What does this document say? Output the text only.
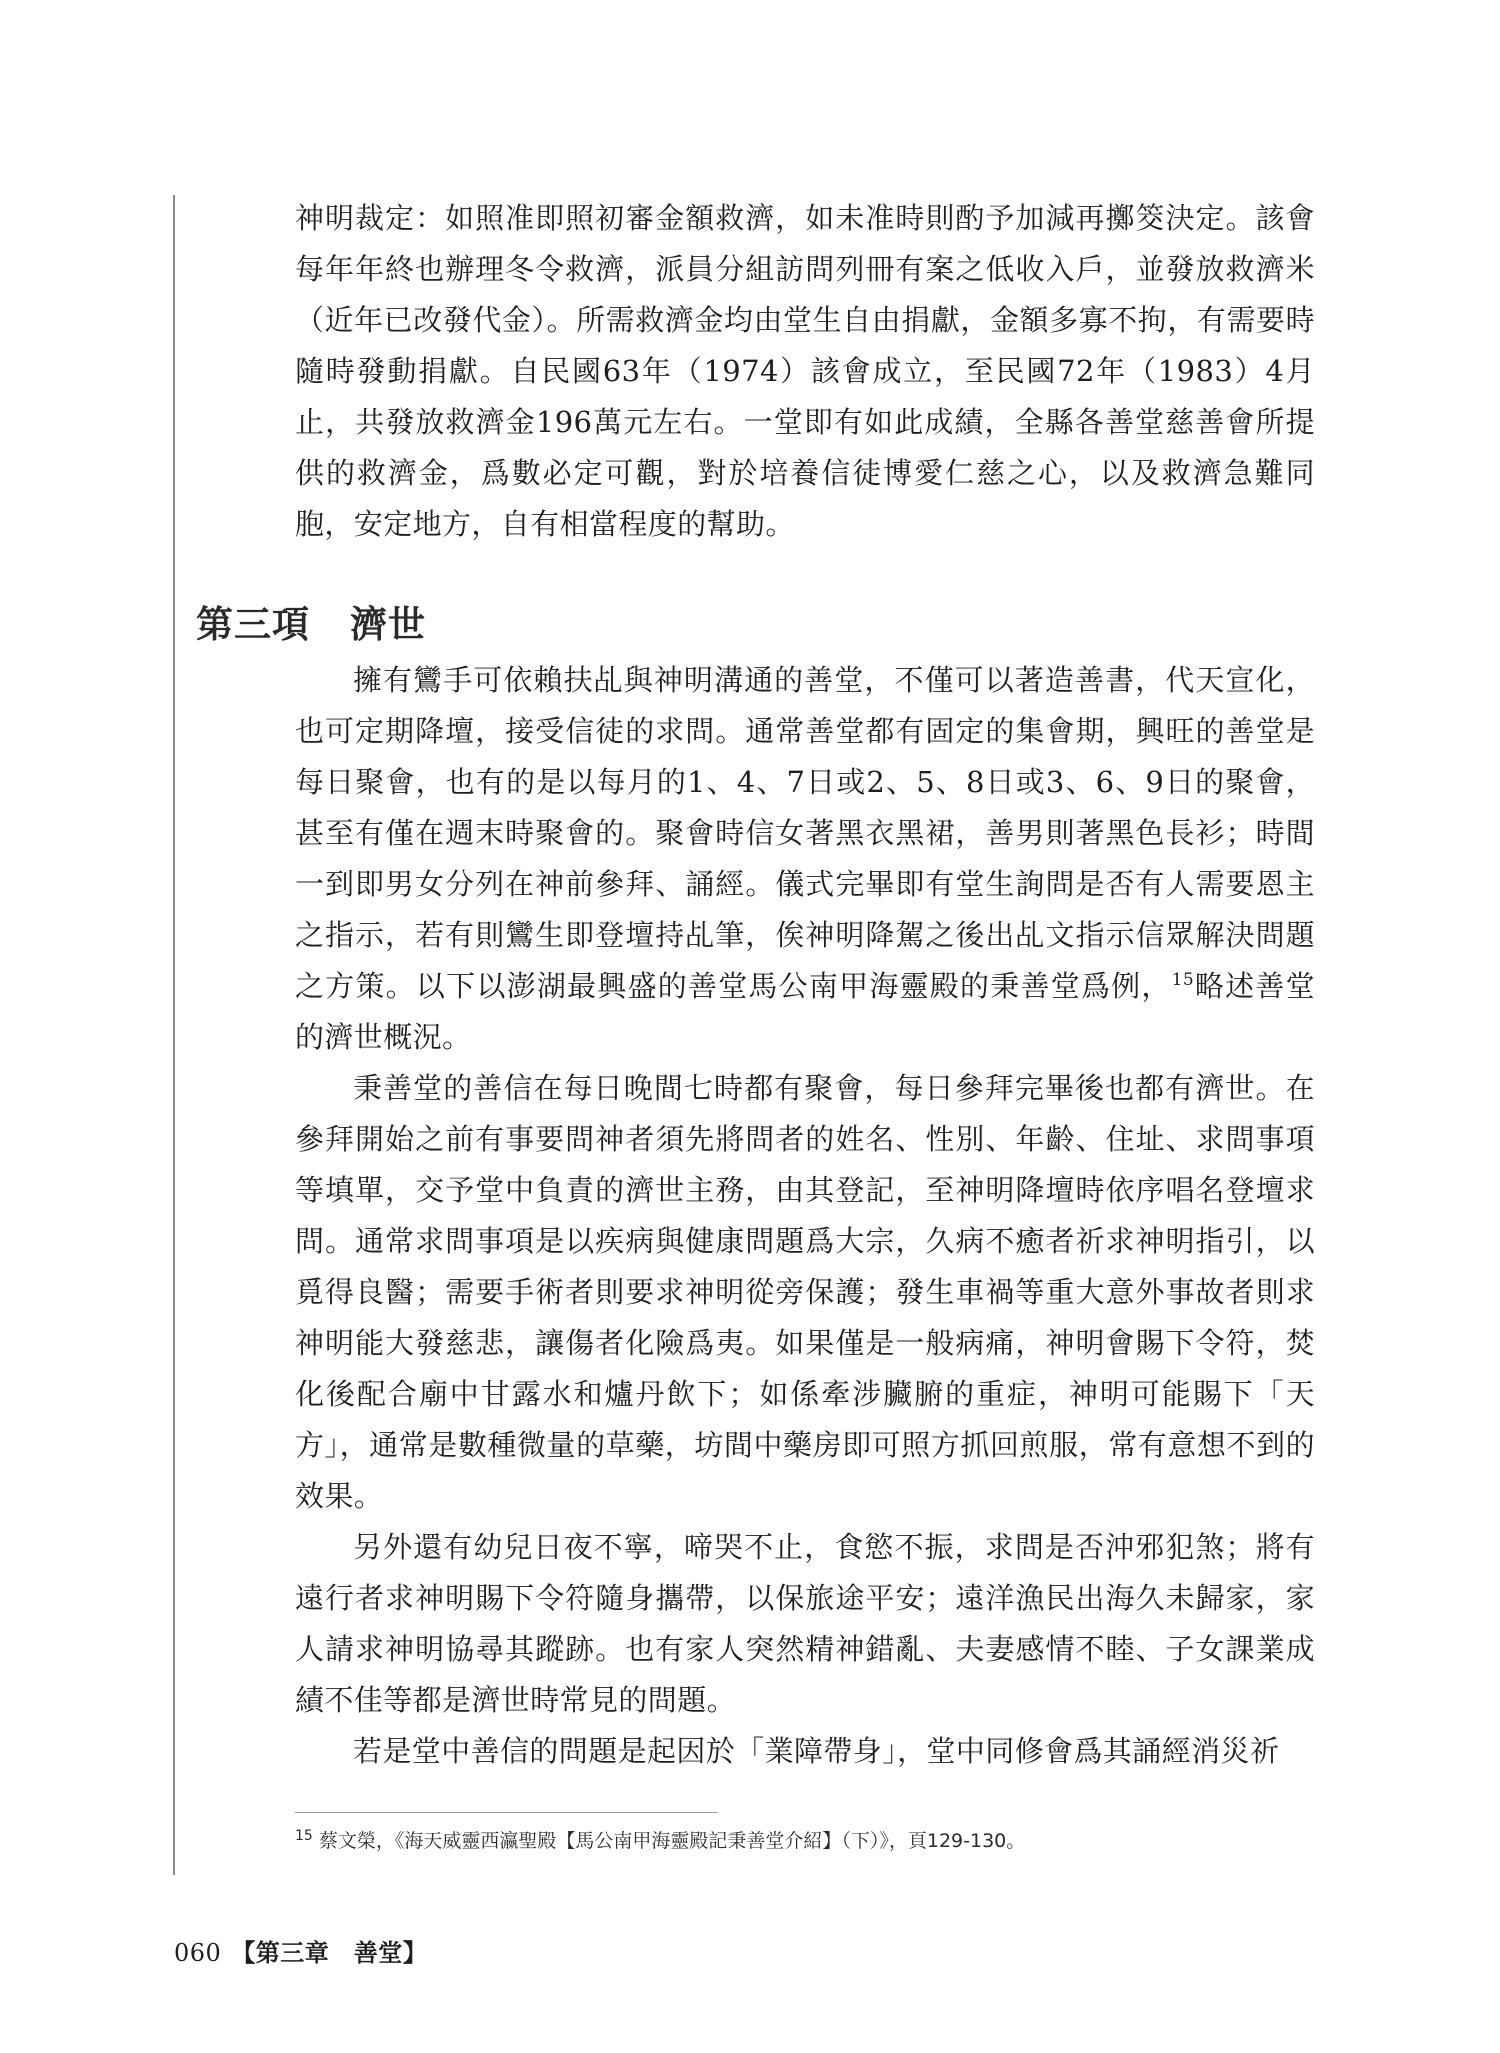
神明裁定：如照准即照初審金額救濟，如未准時則酌予加減再擲筊決定。該會每年年終也辦理冬令救濟，派員分組訪問列冊有案之低收入戶，並發放救濟米（近年已改發代金）。所需救濟金均由堂生自由捐獻，金額多寡不拘，有需要時隨時發動捐獻。自民國63年（1974）該會成立，至民國72年（1983）4月止，共發放救濟金196萬元左右。一堂即有如此成績，全縣各善堂慈善會所提供的救濟金，爲數必定可觀，對於培養信徒博愛仁慈之心，以及救濟急難同胞，安定地方，自有相當程度的幫助。

第三項 濟世

擁有鸞手可依賴扶乩與神明溝通的善堂，不僅可以著造善書，代天宣化，也可定期降壇，接受信徒的求問。通常善堂都有固定的集會期，興旺的善堂是每日聚會，也有的是以每月的1、4、7日或2、5、8日或3、6、9日的聚會，甚至有僅在週末時聚會的。聚會時信女著黑衣黑裙，善男則著黑色長衫；時間一到即男女分列在神前參拜、誦經。儀式完畢即有堂生詢問是否有人需要恩主之指示，若有則鸞生即登壇持乩筆，俟神明降駕之後出乩文指示信眾解決問題之方策。以下以澎湖最興盛的善堂馬公南甲海靈殿的秉善堂爲例，$^{15}$略述善堂的濟世概況。

秉善堂的善信在每日晚間七時都有聚會，每日參拜完畢後也都有濟世。在參拜開始之前有事要問神者須先將問者的姓名、性別、年齡、住址、求問事項等填單，交予堂中負責的濟世主務，由其登記，至神明降壇時依序唱名登壇求問。通常求問事項是以疾病與健康問題爲大宗，久病不癒者祈求神明指引，以覓得良醫；需要手術者則要求神明從旁保護；發生車禍等重大意外事故者則求神明能大發慈悲，讓傷者化險爲夷。如果僅是一般病痛，神明會賜下令符，焚化後配合廟中甘露水和爐丹飲下；如係牽涉臟腑的重症，神明可能賜下「天方」，通常是數種微量的草藥，坊間中藥房即可照方抓回煎服，常有意想不到的效果。

另外還有幼兒日夜不寧，啼哭不止，食慾不振，求問是否沖邪犯煞；將有遠行者求神明賜下令符隨身攜帶，以保旅途平安；遠洋漁民出海久未歸家，家人請求神明協尋其蹤跡。也有家人突然精神錯亂、夫妻感情不睦、子女課業成績不佳等都是濟世時常見的問題。

若是堂中善信的問題是起因於「業障帶身」，堂中同修會爲其誦經消災祈

$^{15}$ 蔡文榮，《海天威靈西瀛聖殿【馬公南甲海靈殿記秉善堂介紹】（下）》，頁129-130。
060 【第三章　善堂】
